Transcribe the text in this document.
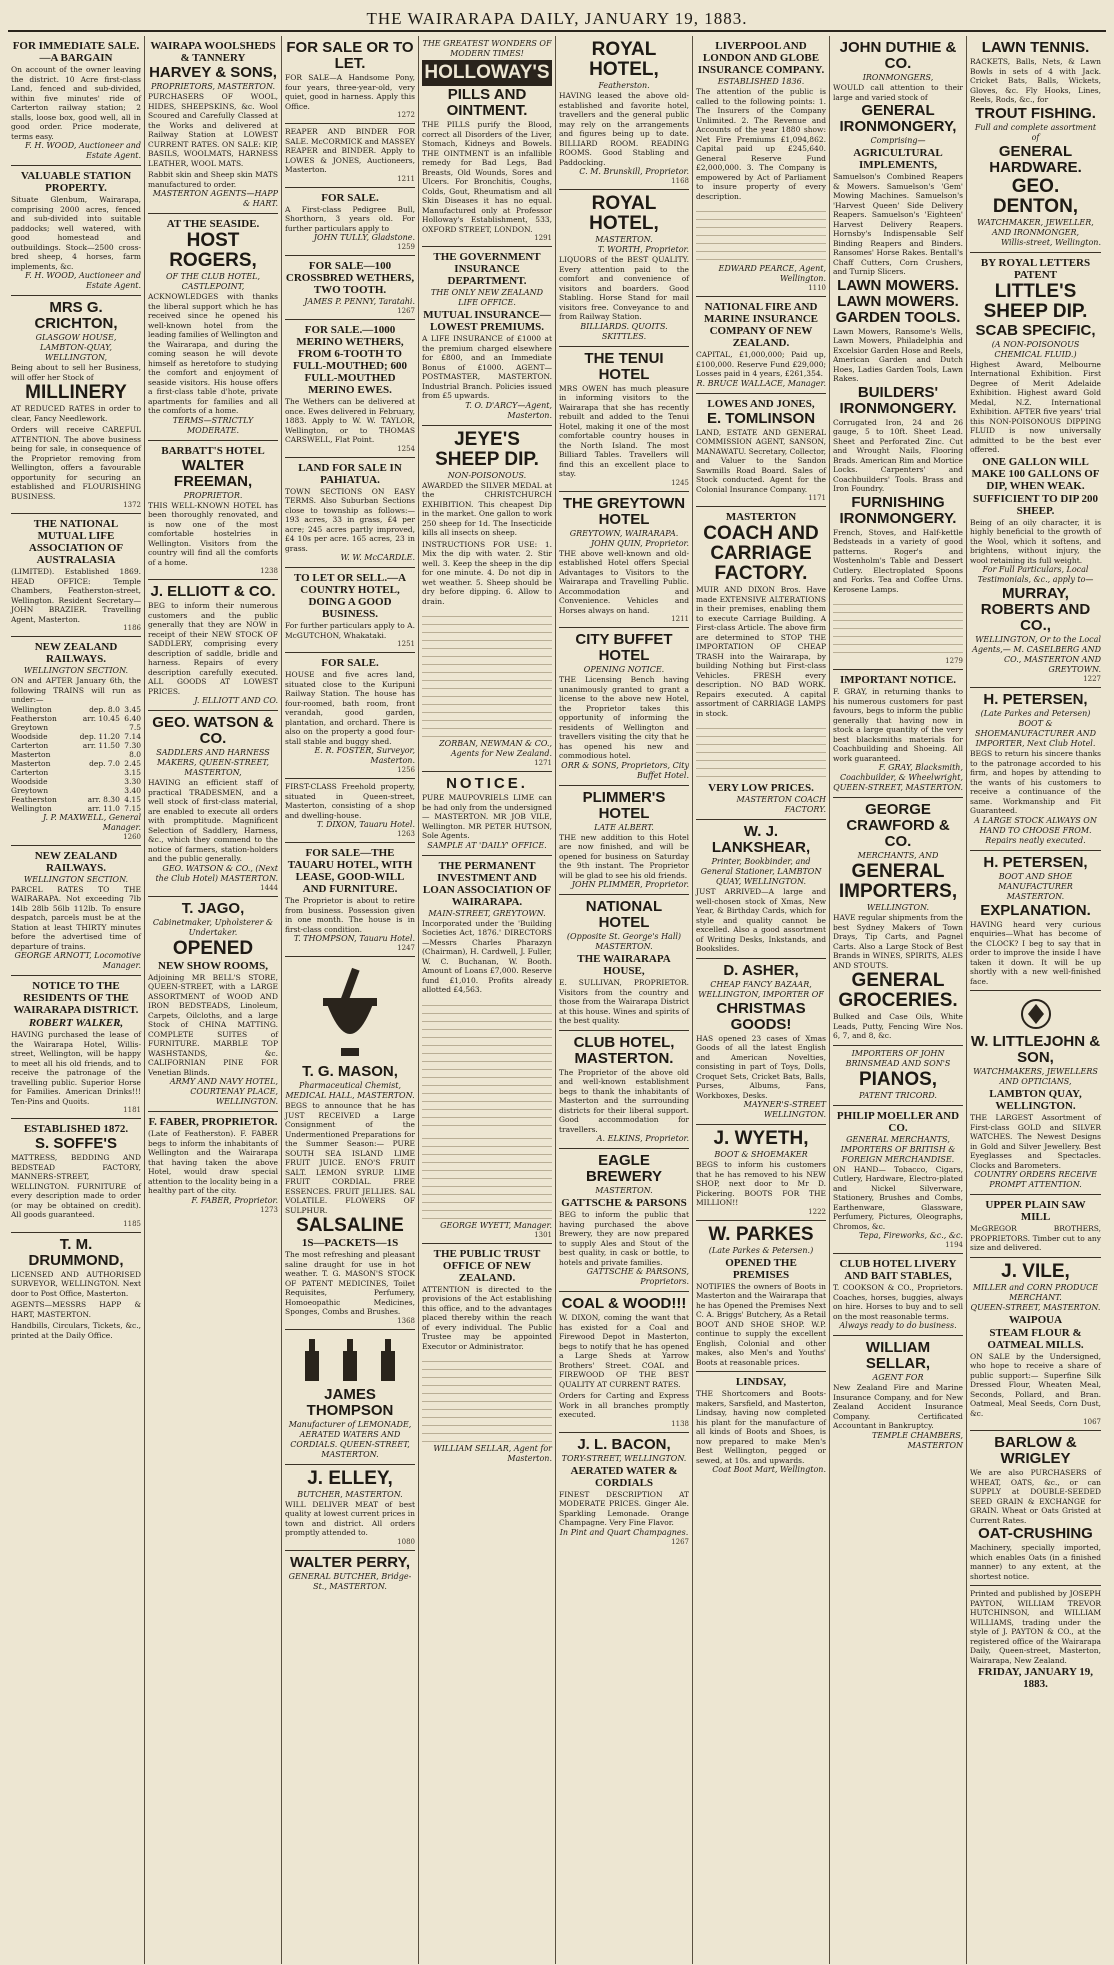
THE WAIRARAPA DAILY, JANUARY 19, 1883.
FOR IMMEDIATE SALE.—A BARGAIN
On account of the owner leaving the district. 10 Acre first-class Land, fenced and sub-divided, within five minutes' ride of Carterton railway station; 2 stalls, loose box, good well, all in good order. Price moderate, terms easy.
F. H. WOOD, Auctioneer and Estate Agent.
VALUABLE STATION PROPERTY.
Situate Glenbum, Wairarapa, comprising 2000 acres, fenced and sub-divided into suitable paddocks; well watered, with good homestead and outbuildings. Stock—2500 cross-bred sheep, 4 horses, farm implements, &c.
F. H. WOOD, Auctioneer and Estate Agent.
MRS G. CRICHTON,
GLASGOW HOUSE, LAMBTON-QUAY, WELLINGTON,
Being about to sell her Business, will offer her Stock of
MILLINERY
AT REDUCED RATES in order to clear, Fancy Needlework.
Orders will receive CAREFUL ATTENTION. The above business being for sale, in consequence of the Proprietor removing from Wellington, offers a favourable opportunity for securing an established and FLOURISHING BUSINESS.
1372
THE NATIONAL MUTUAL LIFE ASSOCIATION OF AUSTRALASIA
(LIMITED). Established 1869. HEAD OFFICE: Temple Chambers, Featherston-street, Wellington. Resident Secretary—JOHN BRAZIER. Travelling Agent, Masterton.
1186
NEW ZEALAND RAILWAYS.
WELLINGTON SECTION.
ON and AFTER January 6th, the following TRAINS will run as under:—
Wellington	dep. 8.0	3.45
Featherston	arr. 10.45	6.40
Greytown		7.5
Woodside	dep. 11.20	7.14
Carterton	arr. 11.50	7.30
Masterton		8.0
Masterton	dep. 7.0	2.45
Carterton		3.15
Woodside		3.30
Greytown		3.40
Featherston	arr. 8.30	4.15
Wellington	arr. 11.0	7.15
J. P. MAXWELL, General Manager.
1260
NEW ZEALAND RAILWAYS.
WELLINGTON SECTION.
PARCEL RATES TO THE WAIRARAPA. Not exceeding 7lb 14lb 28lb 56lb 112lb. To ensure despatch, parcels must be at the Station at least THIRTY minutes before the advertised time of departure of trains.
GEORGE ARNOTT, Locomotive Manager.
NOTICE TO THE RESIDENTS OF THE WAIRARAPA DISTRICT.
ROBERT WALKER,
HAVING purchased the lease of the Wairarapa Hotel, Willis-street, Wellington, will be happy to meet all his old friends, and to receive the patronage of the travelling public. Superior Horse for Families. American Drinks!!! Ten-Pins and Quoits.
1181
ESTABLISHED 1872.
S. SOFFE'S
MATTRESS, BEDDING AND BEDSTEAD FACTORY, MANNERS-STREET, WELLINGTON. FURNITURE of every description made to order (or may be obtained on credit). All goods guaranteed.
1185
T. M. DRUMMOND,
LICENSED AND AUTHORISED SURVEYOR, WELLINGTON. Next door to Post Office, Masterton.
AGENTS—MESSRS HAPP & HART, MASTERTON.
Handbills, Circulars, Tickets, &c., printed at the Daily Office.
WAIRAPA WOOLSHEDS & TANNERY
HARVEY & SONS,
PROPRIETORS, MASTERTON.
PURCHASERS OF WOOL, HIDES, SHEEPSKINS, &c. Wool Scoured and Carefully Classed at the Works and delivered at Railway Station at LOWEST CURRENT RATES. ON SALE: KIP, BASILS, WOOLMATS, HARNESS LEATHER, WOOL MATS.
Rabbit skin and Sheep skin MATS manufactured to order.
MASTERTON AGENTS—HAPP & HART.
AT THE SEASIDE.
HOST ROGERS,
OF THE CLUB HOTEL, CASTLEPOINT,
ACKNOWLEDGES with thanks the liberal support which he has received since he opened his well-known hotel from the leading families of Wellington and the Wairarapa, and during the coming season he will devote himself as heretofore to studying the comfort and enjoyment of seaside visitors. His house offers a first-class table d'hote, private apartments for families and all the comforts of a home.
TERMS—STRICTLY MODERATE.
BARBATT'S HOTEL
WALTER FREEMAN,
PROPRIETOR.
THIS WELL-KNOWN HOTEL has been thoroughly renovated, and is now one of the most comfortable hostelries in Wellington. Visitors from the country will find all the comforts of a home.
1238
J. ELLIOTT & CO.
BEG to inform their numerous customers and the public generally that they are NOW in receipt of their NEW STOCK OF SADDLERY, comprising every description of saddle, bridle and harness. Repairs of every description carefully executed. ALL GOODS AT LOWEST PRICES.
J. ELLIOTT AND CO.
GEO. WATSON & CO.
SADDLERS AND HARNESS MAKERS, QUEEN-STREET, MASTERTON,
HAVING an efficient staff of practical TRADESMEN, and a well stock of first-class material, are enabled to execute all orders with promptitude. Magnificent Selection of Saddlery, Harness, &c., which they commend to the notice of farmers, station-holders and the public generally.
GEO. WATSON & CO., (Next the Club Hotel) MASTERTON.
1444
T. JAGO,
Cabinetmaker, Upholsterer & Undertaker.
OPENED
NEW SHOW ROOMS,
Adjoining MR BELL'S STORE, QUEEN-STREET, with a LARGE ASSORTMENT of WOOD AND IRON BEDSTEADS, Linoleum, Carpets, Oilcloths, and a large Stock of CHINA MATTING. COMPLETE SUITES of FURNITURE. MARBLE TOP WASHSTANDS, &c. CALIFORNIAN PINE FOR Venetian Blinds.
ARMY AND NAVY HOTEL, COURTENAY PLACE, WELLINGTON.
F. FABER, PROPRIETOR.
(Late of Featherston). F. FABER begs to inform the inhabitants of Wellington and the Wairarapa that having taken the above Hotel, would draw special attention to the locality being in a healthy part of the city.
F. FABER, Proprietor.
1273
FOR SALE OR TO LET.
FOR SALE—A Handsome Pony, four years, three-year-old, very quiet, good in harness. Apply this Office.
1272
REAPER AND BINDER FOR SALE. McCORMICK and MASSEY REAPER and BINDER. Apply to LOWES & JONES, Auctioneers, Masterton.
1211
FOR SALE.
A First-class Pedigree Bull, Shorthorn, 3 years old. For further particulars apply to
JOHN TULLY, Gladstone.
1259
FOR SALE—100 CROSSBRED WETHERS, TWO TOOTH.
JAMES P. PENNY, Taratahi.
1267
FOR SALE.—1000 MERINO WETHERS, FROM 6-TOOTH TO FULL-MOUTHED; 600 FULL-MOUTHED MERINO EWES.
The Wethers can be delivered at once. Ewes delivered in February, 1883. Apply to W. W. TAYLOR, Wellington, or to THOMAS CARSWELL, Flat Point.
1254
LAND FOR SALE IN PAHIATUA.
TOWN SECTIONS ON EASY TERMS. Also Suburban Sections close to township as follows:— 193 acres, 33 in grass, £4 per acre; 245 acres partly improved, £4 10s per acre. 165 acres, 23 in grass.
W. W. McCARDLE.
TO LET OR SELL.—A COUNTRY HOTEL, DOING A GOOD BUSINESS.
For further particulars apply to A. McGUTCHON, Whakataki.
1251
FOR SALE.
HOUSE and five acres land, situated close to the Kuripuni Railway Station. The house has four-roomed, bath room, front verandah, good garden, plantation, and orchard. There is also on the property a good four-stall stable and buggy shed.
E. R. FOSTER, Surveyor, Masterton.
1256
FIRST-CLASS Freehold property, situated in Queen-street, Masterton, consisting of a shop and dwelling-house.
T. DIXON, Tauaru Hotel.
1263
FOR SALE—THE TAUARU HOTEL, WITH LEASE, GOOD-WILL AND FURNITURE.
The Proprietor is about to retire from business. Possession given in one month. The house is in first-class condition.
T. THOMPSON, Tauaru Hotel.
1247
T. G. MASON,
Pharmaceutical Chemist, MEDICAL HALL, MASTERTON.
BEGS to announce that he has JUST RECEIVED a Large Consignment of the Undermentioned Preparations for the Summer Season:— PURE SOUTH SEA ISLAND LIME FRUIT JUICE. ENO'S FRUIT SALT. LEMON SYRUP. LIME FRUIT CORDIAL. FREE ESSENCES. FRUIT JELLIES. SAL VOLATILE. FLOWERS OF SULPHUR.
SALSALINE
1S—PACKETS—1S
The most refreshing and pleasant saline draught for use in hot weather. T. G. MASON'S STOCK OF PATENT MEDICINES, Toilet Requisites, Perfumery, Homoeopathic Medicines, Sponges, Combs and Brushes.
1368
JAMES THOMPSON
Manufacturer of LEMONADE, AERATED WATERS AND CORDIALS. QUEEN-STREET, MASTERTON.
J. ELLEY,
BUTCHER, MASTERTON.
WILL DELIVER MEAT of best quality at lowest current prices in town and district. All orders promptly attended to.
1080
WALTER PERRY,
GENERAL BUTCHER, Bridge-St., MASTERTON.
THE GREATEST WONDERS OF MODERN TIMES!
HOLLOWAY'S
PILLS AND OINTMENT.
THE PILLS purify the Blood, correct all Disorders of the Liver, Stomach, Kidneys and Bowels. THE OINTMENT is an infallible remedy for Bad Legs, Bad Breasts, Old Wounds, Sores and Ulcers. For Bronchitis, Coughs, Colds, Gout, Rheumatism and all Skin Diseases it has no equal. Manufactured only at Professor Holloway's Establishment, 533, OXFORD STREET, LONDON.
1291
THE GOVERNMENT INSURANCE DEPARTMENT.
THE ONLY NEW ZEALAND LIFE OFFICE.
MUTUAL INSURANCE—LOWEST PREMIUMS.
A LIFE INSURANCE of £1000 at the premium charged elsewhere for £800, and an Immediate Bonus of £1000. AGENT—POSTMASTER, MASTERTON. Industrial Branch. Policies issued from £5 upwards.
T. O. D'ARCY—Agent, Masterton.
JEYE'S SHEEP DIP.
NON-POISONOUS.
AWARDED the SILVER MEDAL at the CHRISTCHURCH EXHIBITION. This cheapest Dip in the market. One gallon to work 250 sheep for 1d. The Insecticide kills all insects on sheep.
INSTRUCTIONS FOR USE: 1. Mix the dip with water. 2. Stir well. 3. Keep the sheep in the dip for one minute. 4. Do not dip in wet weather. 5. Sheep should be dry before dipping. 6. Allow to drain.
ZORBAN, NEWMAN & CO., Agents for New Zealand.
1271
NOTICE.
PURE MAUPOVRIELS LIME can be had only from the undersigned— MASTERTON. MR JOB VILE, Wellington. MR PETER HUTSON, Sole Agents.
SAMPLE AT 'DAILY' OFFICE.
THE PERMANENT INVESTMENT AND LOAN ASSOCIATION OF WAIRARAPA.
MAIN-STREET, GREYTOWN.
Incorporated under the 'Building Societies Act, 1876.' DIRECTORS—Messrs Charles Pharazyn (Chairman), H. Cardwell, J. Fuller, W. C. Buchanan, W. Booth. Amount of Loans £7,000. Reserve fund £1,010. Profits already allotted £4,563.
GEORGE WYETT, Manager.
1301
THE PUBLIC TRUST OFFICE OF NEW ZEALAND.
ATTENTION is directed to the provisions of the Act establishing this office, and to the advantages placed thereby within the reach of every individual. The Public Trustee may be appointed Executor or Administrator.
WILLIAM SELLAR, Agent for Masterton.
ROYAL HOTEL,
Featherston.
HAVING leased the above old-established and favorite hotel, travellers and the general public may rely on the arrangements and figures being up to date. BILLIARD ROOM. READING ROOMS. Good Stabling and Paddocking.
C. M. Brunskill, Proprietor.
1168
ROYAL HOTEL,
MASTERTON.
T. WORTH, Proprietor.
LIQUORS of the BEST QUALITY. Every attention paid to the comfort and convenience of visitors and boarders. Good Stabling. Horse Stand for mail visitors free. Conveyance to and from Railway Station.
BILLIARDS. QUOITS. SKITTLES.
THE TENUI HOTEL
MRS OWEN has much pleasure in informing visitors to the Wairarapa that she has recently rebuilt and added to the Tenui Hotel, making it one of the most comfortable country houses in the North Island. The most Billiard Tables. Travellers will find this an excellent place to stay.
1245
THE GREYTOWN HOTEL
GREYTOWN, WAIRARAPA.
JOHN QUIN, Proprietor.
THE above well-known and old-established Hotel offers Special Advantages to Visitors to the Wairarapa and Travelling Public. Accommodation and Convenience. Vehicles and Horses always on hand.
1211
CITY BUFFET HOTEL
OPENING NOTICE.
THE Licensing Bench having unanimously granted to grant a license to the above new Hotel, the Proprietor takes this opportunity of informing the residents of Wellington and travellers visiting the city that he has opened his new and commodious hotel.
ORR & SONS, Proprietors, City Buffet Hotel.
PLIMMER'S HOTEL
LATE ALBERT.
THE new addition to this Hotel are now finished, and will be opened for business on Saturday the 9th instant. The Proprietor will be glad to see his old friends.
JOHN PLIMMER, Proprietor.
NATIONAL HOTEL
(Opposite St. George's Hall) MASTERTON.
THE WAIRARAPA HOUSE,
E. SULLIVAN, PROPRIETOR. Visitors from the country and those from the Wairarapa District at this house. Wines and spirits of the best quality.
CLUB HOTEL, MASTERTON.
The Proprietor of the above old and well-known establishment begs to thank the inhabitants of Masterton and the surrounding districts for their liberal support. Good accommodation for travellers.
A. ELKINS, Proprietor.
EAGLE BREWERY
MASTERTON.
GATTSCHE & PARSONS
BEG to inform the public that having purchased the above Brewery, they are now prepared to supply Ales and Stout of the best quality, in cask or bottle, to hotels and private families.
GATTSCHE & PARSONS, Proprietors.
COAL & WOOD!!!
W. DIXON, coming the want that has existed for a Coal and Firewood Depot in Masterton, begs to notify that he has opened a Large Sheds at Yarrow Brothers' Street. COAL and FIREWOOD OF THE BEST QUALITY AT CURRENT RATES.
Orders for Carting and Express Work in all branches promptly executed.
1138
J. L. BACON,
TORY-STREET, WELLINGTON.
AERATED WATER & CORDIALS
FINEST DESCRIPTION AT MODERATE PRICES. Ginger Ale. Sparkling Lemonade. Orange Champagne. Very Fine Flavor.
In Pint and Quart Champagnes.
1267
LIVERPOOL AND LONDON AND GLOBE INSURANCE COMPANY.
ESTABLISHED 1836.
The attention of the public is called to the following points: 1. The Insurers of the Company Unlimited. 2. The Revenue and Accounts of the year 1880 show: Net Fire Premiums £1,094,862. Capital paid up £245,640. General Reserve Fund £2,000,000. 3. The Company is empowered by Act of Parliament to insure property of every description.
EDWARD PEARCE, Agent, Wellington.
1110
NATIONAL FIRE AND MARINE INSURANCE COMPANY OF NEW ZEALAND.
CAPITAL, £1,000,000; Paid up, £100,000. Reserve Fund £29,000; Losses paid in 4 years, £261,354.
R. BRUCE WALLACE, Manager.
LOWES AND JONES,
E. TOMLINSON
LAND, ESTATE AND GENERAL COMMISSION AGENT, SANSON, MANAWATU. Secretary, Collector, and Valuer to the Sandon Sawmills Road Board. Sales of Stock conducted. Agent for the Colonial Insurance Company.
1171
MASTERTON
COACH AND CARRIAGE FACTORY.
MUIR AND DIXON Bros. Have made EXTENSIVE ALTERATIONS in their premises, enabling them to execute Carriage Building. A First-class Article. The above firm are determined to STOP THE IMPORTATION OF CHEAP TRASH into the Wairarapa, by building Nothing but First-class Vehicles. FRESH every description. NO BAD WORK. Repairs executed. A capital assortment of CARRIAGE LAMPS in stock.
VERY LOW PRICES.
MASTERTON COACH FACTORY.
W. J. LANKSHEAR,
Printer, Bookbinder, and General Stationer, LAMBTON QUAY, WELLINGTON.
JUST ARRIVED—A large and well-chosen stock of Xmas, New Year, & Birthday Cards, which for style and quality cannot be excelled. Also a good assortment of Writing Desks, Inkstands, and Bookslides.
D. ASHER,
CHEAP FANCY BAZAAR, WELLINGTON, IMPORTER OF
CHRISTMAS GOODS!
HAS opened 23 cases of Xmas Goods of all the latest English and American Novelties, consisting in part of Toys, Dolls, Croquet Sets, Cricket Bats, Balls, Purses, Albums, Fans, Workboxes, Desks.
MAYNER'S-STREET WELLINGTON.
J. WYETH,
BOOT & SHOEMAKER
BEGS to inform his customers that he has removed to his NEW SHOP, next door to Mr D. Pickering. BOOTS FOR THE MILLION!!
1222
W. PARKES
(Late Parkes & Petersen.)
OPENED THE PREMISES
NOTIFIES the owners of Boots in Masterton and the Wairarapa that he has Opened the Premises Next C. A. Briggs' Butchery, As a Retail BOOT AND SHOE SHOP. W.P. continue to supply the excellent English, Colonial and other makes, also Men's and Youths' Boots at reasonable prices.
LINDSAY,
THE Shortcomers and Boots-makers, Sarsfield, and Masterton, Lindsay, having now completed his plant for the manufacture of all kinds of Boots and Shoes, is now prepared to make Men's Best Wellington, pegged or sewed, at 10s. and upwards.
Coat Boot Mart, Wellington.
JOHN DUTHIE & CO.
IRONMONGERS,
WOULD call attention to their large and varied stock of
GENERAL IRONMONGERY,
Comprising—
AGRICULTURAL IMPLEMENTS,
Samuelson's Combined Reapers & Mowers. Samuelson's 'Gem' Mowing Machines. Samuelson's 'Harvest Queen' Side Delivery Reapers. Samuelson's 'Eighteen' Harvest Delivery Reapers. Hornsby's Indispensable Self Binding Reapers and Binders. Ransomes' Horse Rakes. Bentall's Chaff Cutters, Corn Crushers, and Turnip Slicers.
LAWN MOWERS. LAWN MOWERS. GARDEN TOOLS.
Lawn Mowers, Ransome's Wells, Lawn Mowers, Philadelphia and Excelsior Garden Hose and Reels, American Garden and Dutch Hoes, Ladies Garden Tools, Lawn Rakes.
BUILDERS' IRONMONGERY.
Corrugated Iron, 24 and 26 gauge, 5 to 10ft. Sheet Lead. Sheet and Perforated Zinc. Cut and Wrought Nails, Flooring Brads. American Rim and Mortice Locks. Carpenters' and Coachbuilders' Tools. Brass and Iron Foundry.
FURNISHING IRONMONGERY.
French, Stoves, and Half-kettle Bedsteads in a variety of good patterns. Roger's and Wostenholm's Table and Dessert Cutlery. Electroplated Spoons and Forks. Tea and Coffee Urns. Kerosene Lamps.
1279
IMPORTANT NOTICE.
F. GRAY, in returning thanks to his numerous customers for past favours, begs to inform the public generally that having now in stock a large quantity of the very best blacksmiths materials for Coachbuilding and Shoeing. All work guaranteed.
F. GRAY, Blacksmith, Coachbuilder, & Wheelwright, QUEEN-STREET, MASTERTON.
GEORGE CRAWFORD & CO.
MERCHANTS, AND
GENERAL IMPORTERS,
WELLINGTON.
HAVE regular shipments from the best Sydney Makers of Town Drays, Tip Carts, and Pagnel Carts. Also a Large Stock of Best Brands in WINES, SPIRITS, ALES AND STOUTS.
GENERAL GROCERIES.
Bulked and Case Oils, White Leads, Putty, Fencing Wire Nos. 6, 7, and 8, &c.
IMPORTERS OF JOHN BRINSMEAD AND SON'S
PIANOS,
PATENT TRICORD.
PHILIP MOELLER AND CO.
GENERAL MERCHANTS, IMPORTERS OF BRITISH & FOREIGN MERCHANDISE.
ON HAND— Tobacco, Cigars, Cutlery, Hardware, Electro-plated and Nickel Silverware, Stationery, Brushes and Combs, Earthenware, Glassware, Perfumery, Pictures, Oleographs, Chromos, &c.
Tepa, Fireworks, &c., &c.
1194
CLUB HOTEL LIVERY AND BAIT STABLES,
T. COOKSON & CO., Proprietors. Coaches, horses, buggies, always on hire. Horses to buy and to sell on the most reasonable terms.
Always ready to do business.
WILLIAM SELLAR,
AGENT FOR
New Zealand Fire and Marine Insurance Company, and for New Zealand Accident Insurance Company. Certificated Accountant in Bankruptcy.
TEMPLE CHAMBERS, MASTERTON
LAWN TENNIS.
RACKETS, Balls, Nets, & Lawn Bowls in sets of 4 with Jack. Cricket Bats, Balls, Wickets, Gloves, &c. Fly Hooks, Lines, Reels, Rods, &c., for
TROUT FISHING.
Full and complete assortment of
GENERAL HARDWARE.
GEO. DENTON,
WATCHMAKER, JEWELLER, AND IRONMONGER,
Willis-street, Wellington.
BY ROYAL LETTERS PATENT
LITTLE'S SHEEP DIP.
SCAB SPECIFIC,
(A NON-POISONOUS CHEMICAL FLUID.)
Highest Award, Melbourne International Exhibition. First Degree of Merit Adelaide Exhibition. Highest award Gold Medal, N.Z. International Exhibition. AFTER five years' trial this NON-POISONOUS DIPPING FLUID is now universally admitted to be the best ever offered.
ONE GALLON WILL MAKE 100 GALLONS OF DIP, WHEN WEAK.
SUFFICIENT TO DIP 200 SHEEP.
Being of an oily character, it is highly beneficial to the growth of the Wool, which it softens, and brightens, without injury, the wool retaining its full weight.
For Full Particulars, Local Testimonials, &c., apply to—
MURRAY, ROBERTS AND CO.,
WELLINGTON, Or to the Local Agents,— M. CASELBERG AND CO., MASTERTON AND GREYTOWN.
1227
H. PETERSEN,
(Late Parkes and Petersen) BOOT & SHOEMANUFACTURER AND IMPORTER, Next Club Hotel.
BEGS to return his sincere thanks to the patronage accorded to his firm, and hopes by attending to the wants of his customers to receive a continuance of the same. Workmanship and Fit Guaranteed.
A LARGE STOCK ALWAYS ON HAND TO CHOOSE FROM. Repairs neatly executed.
H. PETERSEN,
BOOT AND SHOE MANUFACTURER MASTERTON.
EXPLANATION.
HAVING heard very curious enquiries—What has become of the CLOCK? I beg to say that in order to improve the inside I have taken it down. It will be up shortly with a new well-finished face.
W. LITTLEJOHN & SON,
WATCHMAKERS, JEWELLERS AND OPTICIANS,
LAMBTON QUAY, WELLINGTON.
THE LARGEST Assortment of First-class GOLD and SILVER WATCHES. The Newest Designs in Gold and Silver Jewellery. Best Eyeglasses and Spectacles. Clocks and Barometers.
COUNTRY ORDERS RECEIVE PROMPT ATTENTION.
UPPER PLAIN SAW MILL
McGREGOR BROTHERS, PROPRIETORS. Timber cut to any size and delivered.
J. VILE,
MILLER and CORN PRODUCE MERCHANT.
QUEEN-STREET, MASTERTON.
WAIPOUA
STEAM FLOUR & OATMEAL MILLS.
ON SALE by the Undersigned, who hope to receive a share of public support:— Superfine Silk Dressed Flour, Wheaten Meal, Seconds, Pollard, and Bran. Oatmeal, Meal Seeds, Corn Dust, &c.
1067
BARLOW & WRIGLEY
We are also PURCHASERS of WHEAT, OATS, &c., or can SUPPLY at DOUBLE-SEEDED SEED GRAIN & EXCHANGE for GRAIN. Wheat or Oats Gristed at Current Rates.
OAT-CRUSHING
Machinery, specially imported, which enables Oats (in a finished manner) to any extent, at the shortest notice.
Printed and published by JOSEPH PAYTON, WILLIAM TREVOR HUTCHINSON, and WILLIAM WILLIAMS, trading under the style of J. PAYTON & CO., at the registered office of the Wairarapa Daily, Queen-street, Masterton, Wairarapa, New Zealand.
FRIDAY, JANUARY 19, 1883.
